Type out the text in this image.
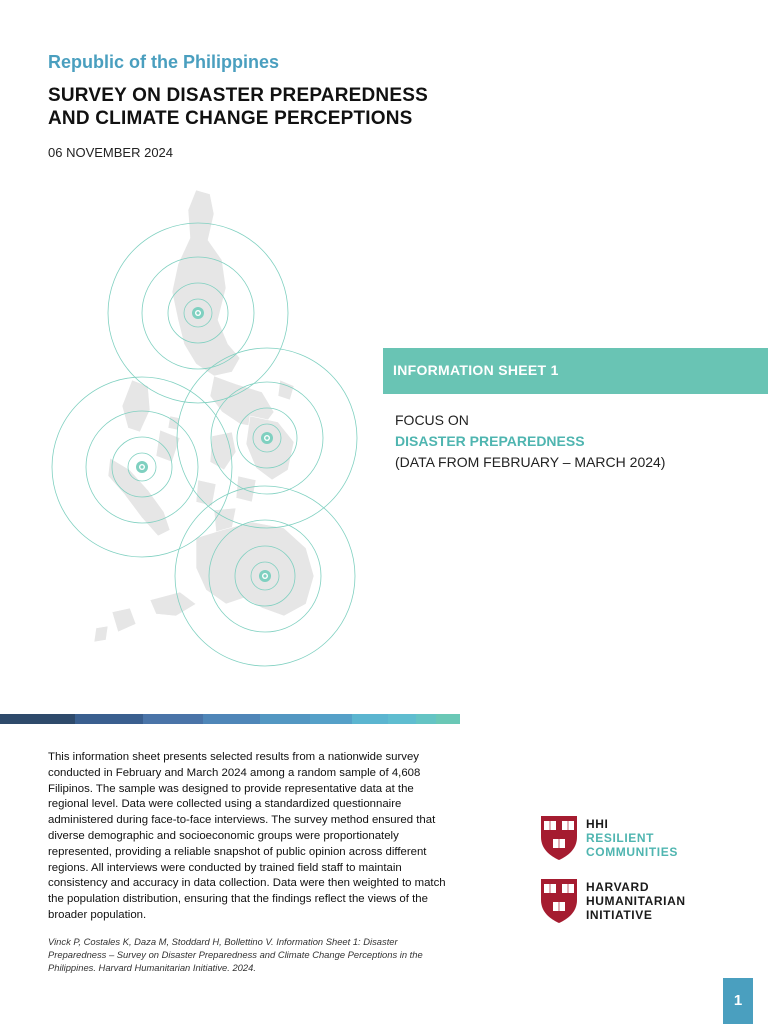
Republic of the Philippines
SURVEY ON DISASTER PREPAREDNESS
AND CLIMATE CHANGE PERCEPTIONS
06 NOVEMBER 2024
INFORMATION SHEET 1
FOCUS ON
DISASTER PREPAREDNESS
(DATA FROM FEBRUARY – MARCH 2024)
This information sheet presents selected results from a nationwide survey conducted in February and March 2024 among a random sample of 4,608 Filipinos. The sample was designed to provide representative data at the regional level. Data were collected using a standardized questionnaire administered during face-to-face interviews. The survey method ensured that diverse demographic and socioeconomic groups were proportionately represented, providing a reliable snapshot of public opinion across different regions. All interviews were conducted by trained field staff to maintain consistency and accuracy in data collection. Data were then weighted to match the population distribution, ensuring that the findings reflect the views of the broader population.
Vinck P, Costales K, Daza M, Stoddard H, Bollettino V. Information Sheet 1: Disaster Preparedness – Survey on Disaster Preparedness and Climate Change Perceptions in the Philippines. Harvard Humanitarian Initiative. 2024.
HHI
RESILIENT
COMMUNITIES
HARVARD
HUMANITARIAN
INITIATIVE
1
